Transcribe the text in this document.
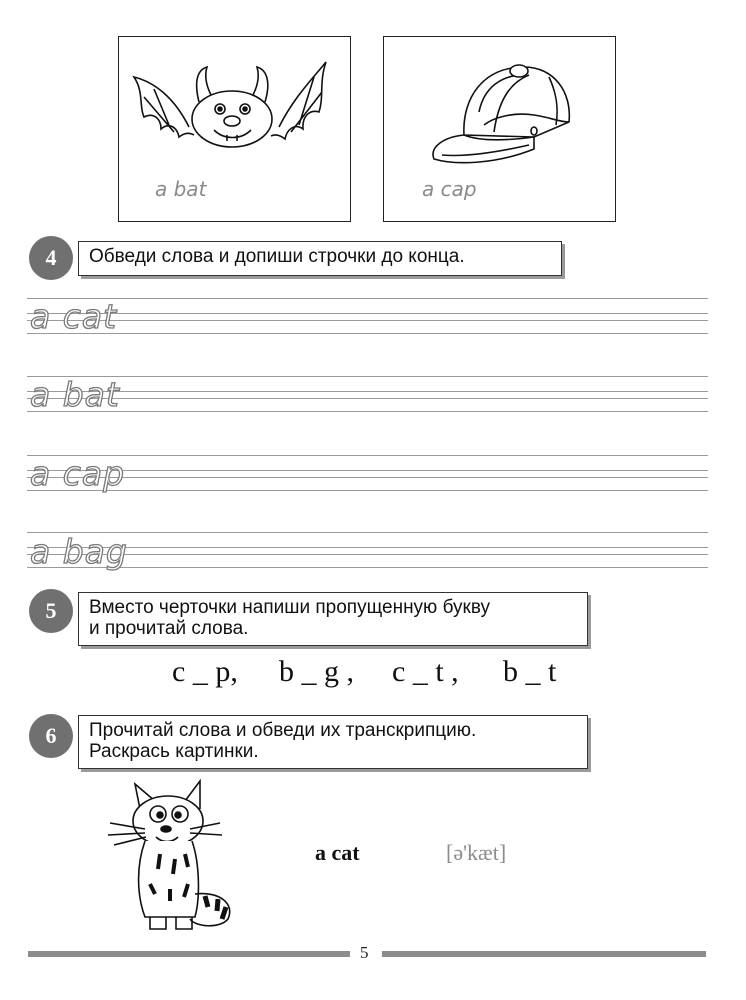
a bat	a cap
4	Обведи слова и допиши строчки до конца.
a cat
a bat
a cap
a bag
5	Вместо черточки напиши пропущенную букву
и прочитай слова.
c _ p, b _ g , c _ t , b _ t
6	Прочитай слова и обведи их транскрипцию.
Раскрась картинки.
a cat	[ə'kæt]
5
